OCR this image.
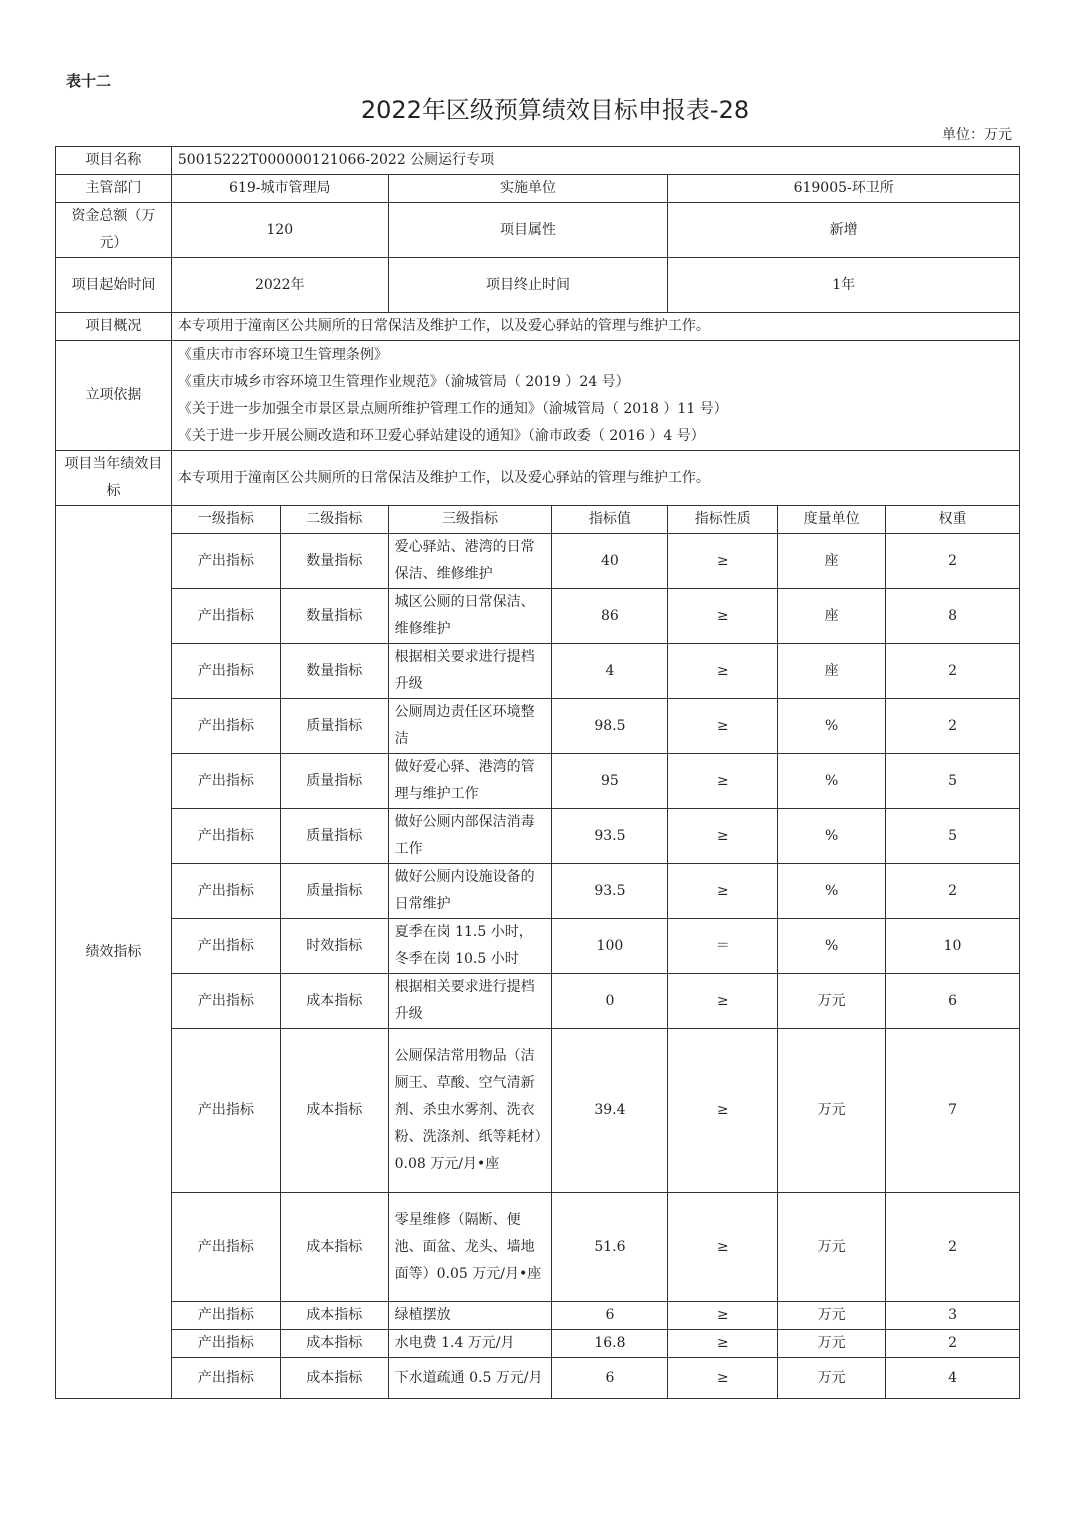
表十二
2022年区级预算绩效目标申报表-28
单位：万元
项目名称	50015222T000000121066-2022 公厕运行专项						
主管部门	619-城市管理局		实施单位		619005-环卫所		
资金总额（万元）	120		项目属性		新增		
项目起始时间	2022年		项目终止时间		1年		
项目概况	本专项用于潼南区公共厕所的日常保洁及维护工作，以及爱心驿站的管理与维护工作。						
立项依据	《重庆市市容环境卫生管理条例》
《重庆市城乡市容环境卫生管理作业规范》（渝城管局（ 2019 ）24 号）
《关于进一步加强全市景区景点厕所维护管理工作的通知》（渝城管局（ 2018 ）11 号）
《关于进一步开展公厕改造和环卫爱心驿站建设的通知》（渝市政委（ 2016 ）4 号）						

项目当年绩效目标	本专项用于潼南区公共厕所的日常保洁及维护工作，以及爱心驿站的管理与维护工作。						
绩效指标	一级指标	二级指标	三级指标	指标值	指标性质	度量单位	权重
	产出指标	数量指标	爱心驿站、港湾的日常保洁、维修维护	40	≥	座	2
	产出指标	数量指标	城区公厕的日常保洁、维修维护	86	≥	座	8
	产出指标	数量指标	根据相关要求进行提档升级	4	≥	座	2
	产出指标	质量指标	公厕周边责任区环境整洁	98.5	≥	%	2
	产出指标	质量指标	做好爱心驿、港湾的管理与维护工作	95	≥	%	5
	产出指标	质量指标	做好公厕内部保洁消毒工作	93.5	≥	%	5
	产出指标	质量指标	做好公厕内设施设备的日常维护	93.5	≥	%	2
	产出指标	时效指标	夏季在岗 11.5 小时，冬季在岗 10.5 小时	100	＝	%	10
	产出指标	成本指标	根据相关要求进行提档升级	0	≥	万元	6
	产出指标	成本指标	公厕保洁常用物品（洁厕王、草酸、空气清新剂、杀虫水雾剂、洗衣粉、洗涤剂、纸等耗材）0.08 万元/月•座	39.4	≥	万元	7
	产出指标	成本指标	零星维修（隔断、便池、面盆、龙头、墙地面等）0.05 万元/月•座	51.6	≥	万元	2
	产出指标	成本指标	绿植摆放	6	≥	万元	3
	产出指标	成本指标	水电费 1.4 万元/月	16.8	≥	万元	2
	产出指标	成本指标	下水道疏通 0.5 万元/月	6	≥	万元	4
